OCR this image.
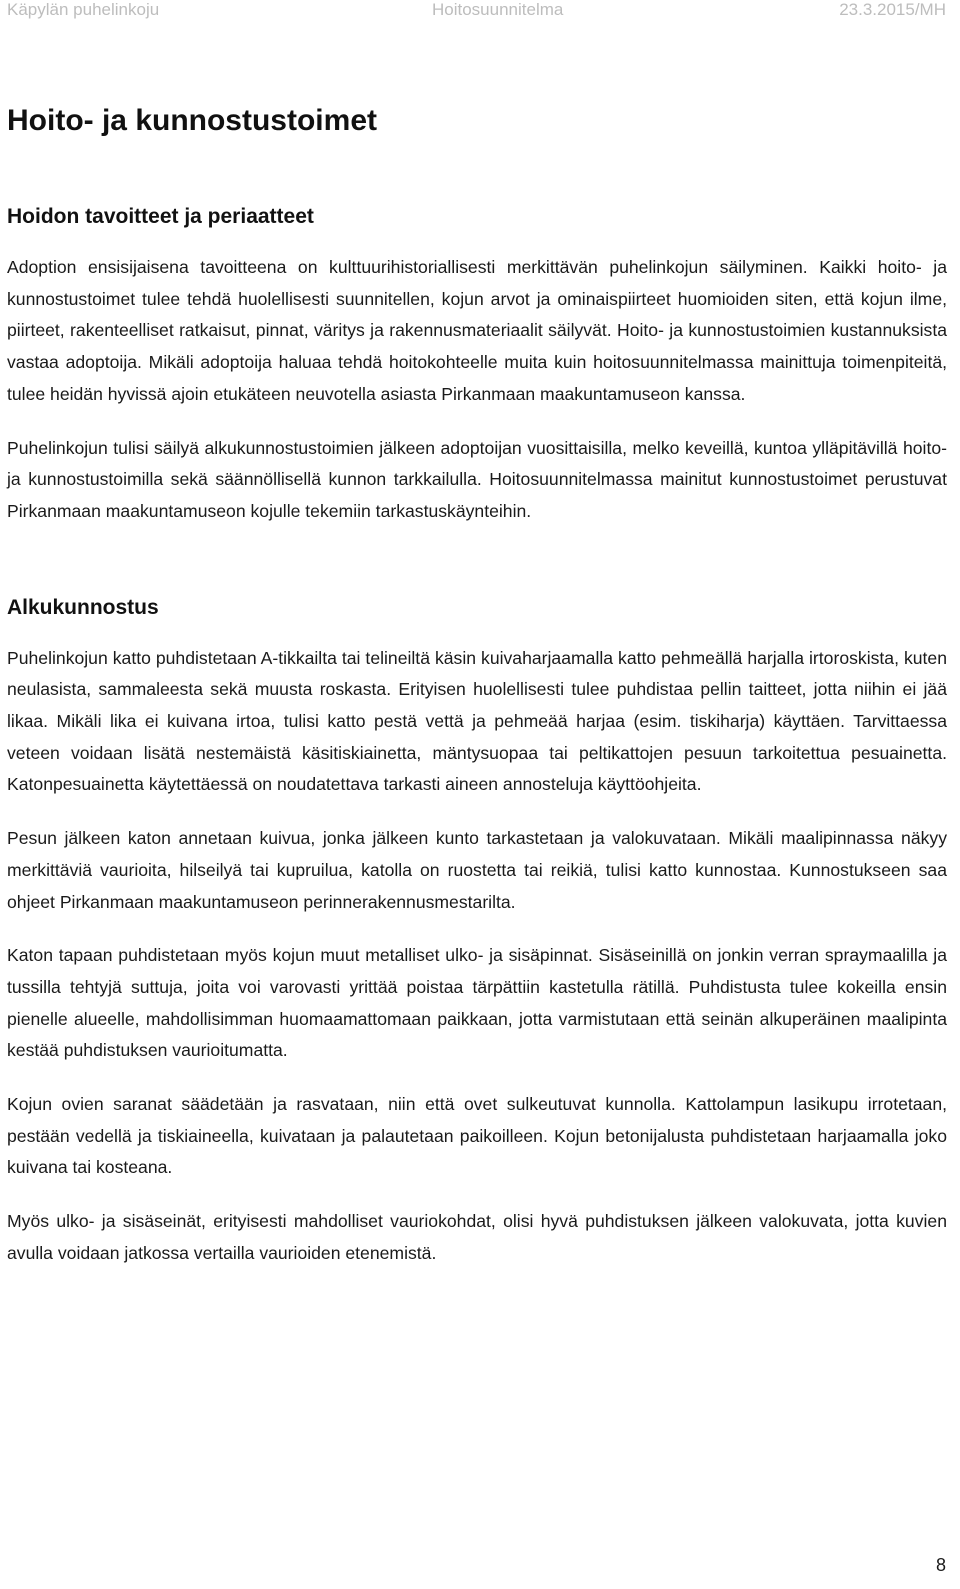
Käpylän puhelinkoju	Hoitosuunnitelma	23.3.2015/MH
Hoito- ja kunnostustoimet
Hoidon tavoitteet ja periaatteet

Adoption ensisijaisena tavoitteena on kulttuurihistoriallisesti merkittävän puhelinkojun säilyminen. Kaikki hoito- ja kunnostustoimet tulee tehdä huolellisesti suunnitellen, kojun arvot ja ominaispiirteet huomioiden siten, että kojun ilme, piirteet, rakenteelliset ratkaisut, pinnat, väritys ja rakennusmateriaalit säilyvät. Hoito- ja kunnostustoimien kustannuksista vastaa adoptoija. Mikäli adoptoija haluaa tehdä hoitokohteelle muita kuin hoitosuunnitelmassa mainittuja toimenpiteitä, tulee heidän hyvissä ajoin etukäteen neuvotella asiasta Pirkanmaan maakuntamuseon kanssa.

Puhelinkojun tulisi säilyä alkukunnostustoimien jälkeen adoptoijan vuosittaisilla, melko keveillä, kuntoa ylläpitävillä hoito- ja kunnostustoimilla sekä säännöllisellä kunnon tarkkailulla. Hoitosuunnitelmassa mainitut kunnostustoimet perustuvat Pirkanmaan maakuntamuseon kojulle tekemiin tarkastuskäynteihin.

Alkukunnostus

Puhelinkojun katto puhdistetaan A-tikkailta tai telineiltä käsin kuivaharjaamalla katto pehmeällä harjalla irtoroskista, kuten neulasista, sammaleesta sekä muusta roskasta. Erityisen huolellisesti tulee puhdistaa pellin taitteet, jotta niihin ei jää likaa. Mikäli lika ei kuivana irtoa, tulisi katto pestä vettä ja pehmeää harjaa (esim. tiskiharja) käyttäen. Tarvittaessa veteen voidaan lisätä nestemäistä käsitiskiainetta, mäntysuopaa tai peltikattojen pesuun tarkoitettua pesuainetta. Katonpesuainetta käytettäessä on noudatettava tarkasti aineen annosteluja käyttöohjeita.

Pesun jälkeen katon annetaan kuivua, jonka jälkeen kunto tarkastetaan ja valokuvataan. Mikäli maalipinnassa näkyy merkittäviä vaurioita, hilseilyä tai kupruilua, katolla on ruostetta tai reikiä, tulisi katto kunnostaa. Kunnostukseen saa ohjeet Pirkanmaan maakuntamuseon perinnerakennusmestarilta.

Katon tapaan puhdistetaan myös kojun muut metalliset ulko- ja sisäpinnat. Sisäseinillä on jonkin verran spraymaalilla ja tussilla tehtyjä suttuja, joita voi varovasti yrittää poistaa tärpättiin kastetulla rätillä. Puhdistusta tulee kokeilla ensin pienelle alueelle, mahdollisimman huomaamattomaan paikkaan, jotta varmistutaan että seinän alkuperäinen maalipinta kestää puhdistuksen vaurioitumatta.

Kojun ovien saranat säädetään ja rasvataan, niin että ovet sulkeutuvat kunnolla. Kattolampun lasikupu irrotetaan, pestään vedellä ja tiskiaineella, kuivataan ja palautetaan paikoilleen. Kojun betonijalusta puhdistetaan harjaamalla joko kuivana tai kosteana.

Myös ulko- ja sisäseinät, erityisesti mahdolliset vauriokohdat, olisi hyvä puhdistuksen jälkeen valokuvata, jotta kuvien avulla voidaan jatkossa vertailla vaurioiden etenemistä.

8
